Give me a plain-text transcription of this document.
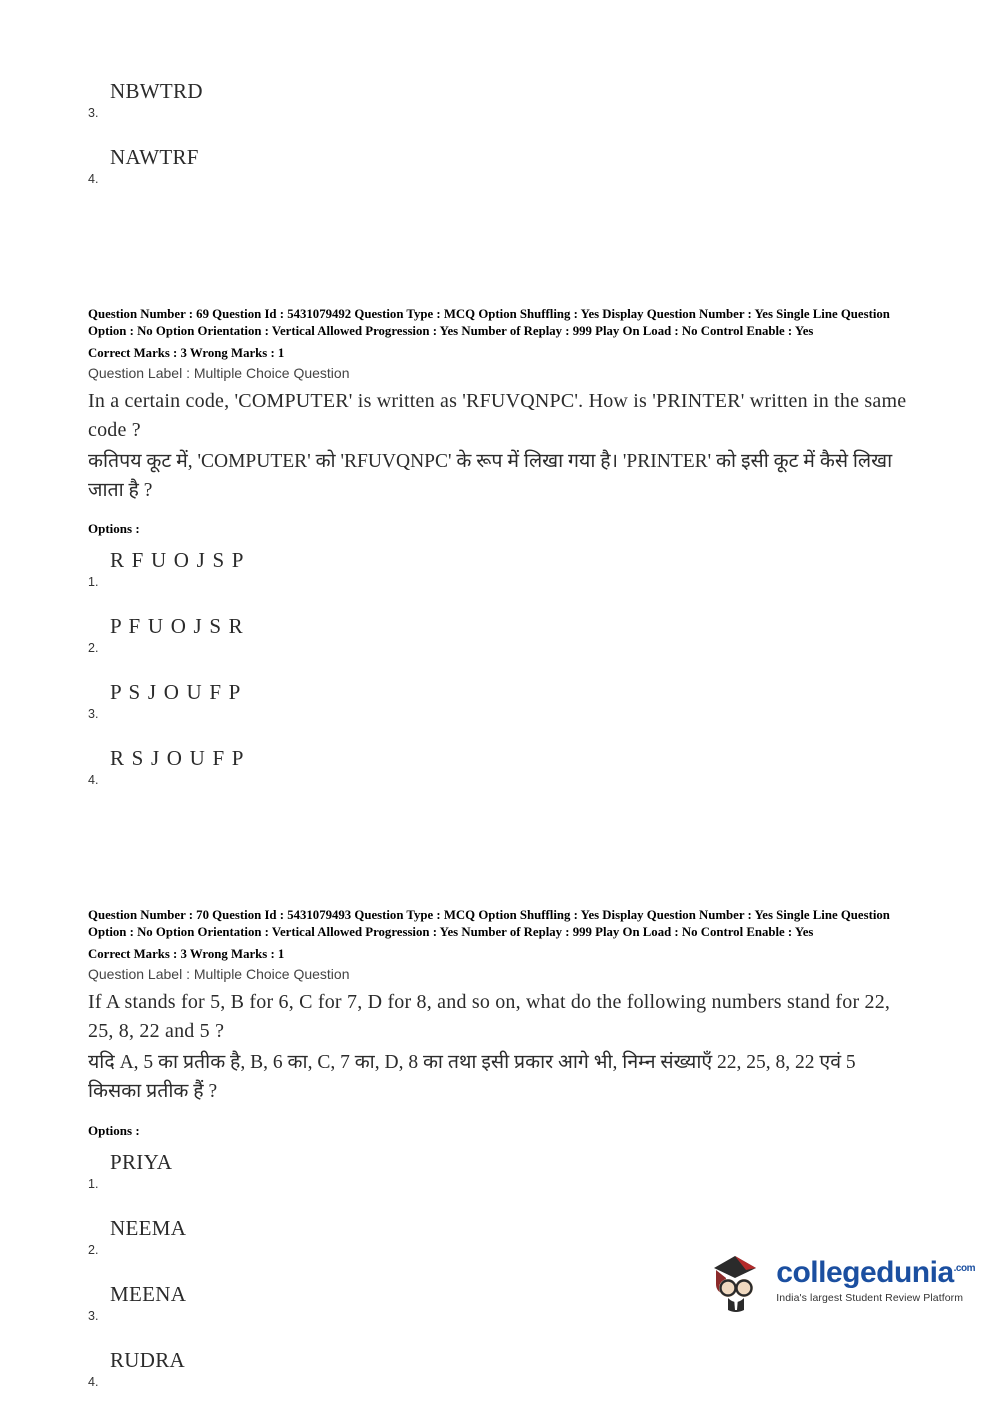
3.
NBWTRD
4.
NAWTRF
Question Number : 69 Question Id : 5431079492 Question Type : MCQ Option Shuffling : Yes Display Question Number : Yes Single Line Question Option : No Option Orientation : Vertical Allowed Progression : Yes Number of Replay : 999 Play On Load : No Control Enable : Yes
Correct Marks : 3 Wrong Marks : 1
Question Label : Multiple Choice Question
In a certain code, 'COMPUTER' is written as 'RFUVQNPC'. How is 'PRINTER' written in the same code ?
कतिपय कूट में, 'COMPUTER' को 'RFUVQNPC' के रूप में लिखा गया है। 'PRINTER' को इसी कूट में कैसे लिखा जाता है ?
Options :
1.
R F U O J S P
2.
P F U O J S R
3.
P S J O U F P
4.
R S J O U F P
Question Number : 70 Question Id : 5431079493 Question Type : MCQ Option Shuffling : Yes Display Question Number : Yes Single Line Question Option : No Option Orientation : Vertical Allowed Progression : Yes Number of Replay : 999 Play On Load : No Control Enable : Yes
Correct Marks : 3 Wrong Marks : 1
Question Label : Multiple Choice Question
If A stands for 5, B for 6, C for 7, D for 8, and so on, what do the following numbers stand for 22, 25, 8, 22 and 5 ?
यदि A, 5 का प्रतीक है, B, 6 का, C, 7 का, D, 8 का तथा इसी प्रकार आगे भी, निम्न संख्याएँ 22, 25, 8, 22 एवं 5 किसका प्रतीक हैं ?
Options :
1.
PRIYA
2.
NEEMA
3.
MEENA
4.
RUDRA
collegedunia$^{.com}$
India's largest Student Review Platform
